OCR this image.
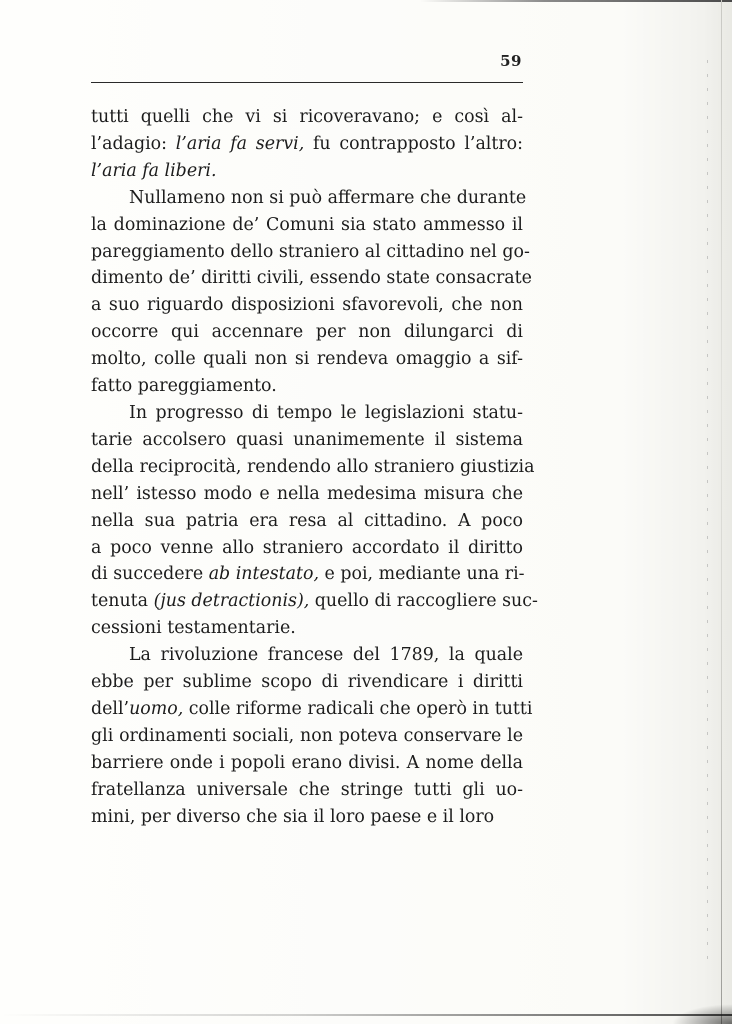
59
tutti quelli che vi si ricoveravano; e così al-
l’adagio: l’aria fa servi, fu contrapposto l’altro:
l’aria fa liberi.
Nullameno non si può affermare che durante
la dominazione de’ Comuni sia stato ammesso il
pareggiamento dello straniero al cittadino nel go-
dimento de’ diritti civili, essendo state consacrate
a suo riguardo disposizioni sfavorevoli, che non
occorre qui accennare per non dilungarci di
molto, colle quali non si rendeva omaggio a sif-
fatto pareggiamento.
In progresso di tempo le legislazioni statu-
tarie accolsero quasi unanimemente il sistema
della reciprocità, rendendo allo straniero giustizia
nell’ istesso modo e nella medesima misura che
nella sua patria era resa al cittadino. A poco
a poco venne allo straniero accordato il diritto
di succedere ab intestato, e poi, mediante una ri-
tenuta (jus detractionis), quello di raccogliere suc-
cessioni testamentarie.
La rivoluzione francese del 1789, la quale
ebbe per sublime scopo di rivendicare i diritti
dell’uomo, colle riforme radicali che operò in tutti
gli ordinamenti sociali, non poteva conservare le
barriere onde i popoli erano divisi. A nome della
fratellanza universale che stringe tutti gli uo-
mini, per diverso che sia il loro paese e il loro
